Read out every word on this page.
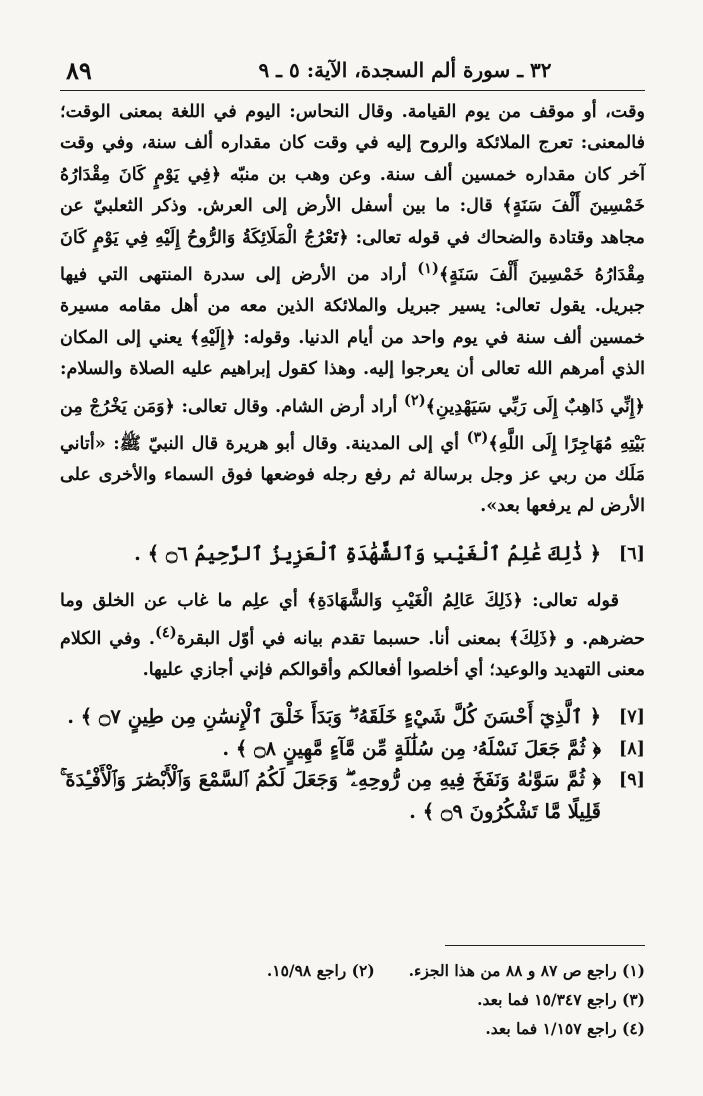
٨٩	٣٢ ـ سورة ألم السجدة، الآية: ٥ ـ ٩

وقت، أو موقف من يوم القيامة. وقال النحاس: اليوم في اللغة بمعنى الوقت؛ فالمعنى: تعرج الملائكة والروح إليه في وقت كان مقداره ألف سنة، وفي وقت آخر كان مقداره خمسين ألف سنة. وعن وهب بن منبّه ﴿فِي يَوْمٍ كَانَ مِقْدَارُهُ خَمْسِينَ أَلْفَ سَنَةٍ﴾ قال: ما بين أسفل الأرض إلى العرش. وذكر الثعلبيّ عن مجاهد وقتادة والضحاك في قوله تعالى: ﴿تَعْرُجُ الْمَلَائِكَةُ وَالرُّوحُ إِلَيْهِ فِي يَوْمٍ كَانَ مِقْدَارُهُ خَمْسِينَ أَلْفَ سَنَةٍ﴾$^{(١)}$ أراد من الأرض إلى سدرة المنتهى التي فيها جبريل. يقول تعالى: يسير جبريل والملائكة الذين معه من أهل مقامه مسيرة خمسين ألف سنة في يوم واحد من أيام الدنيا. وقوله: ﴿إِلَيْهِ﴾ يعني إلى المكان الذي أمرهم الله تعالى أن يعرجوا إليه. وهذا كقول إبراهيم عليه الصلاة والسلام: ﴿إِنِّي ذَاهِبٌ إِلَى رَبِّي سَيَهْدِينِ﴾$^{(٢)}$ أراد أرض الشام. وقال تعالى: ﴿وَمَن يَخْرُجْ مِن بَيْتِهِ مُهَاجِرًا إِلَى اللَّهِ﴾$^{(٣)}$ أي إلى المدينة. وقال أبو هريرة قال النبيّ ﷺ: «أتاني مَلَك من ربي عز وجل برسالة ثم رفع رجله فوضعها فوق السماء والأخرى على الأرض لم يرفعها بعد».

[٦]
﴿ ذَٰلِكَ عَٰلِمُ ٱلْغَيْبِ وَٱلشَّهَٰدَةِ ٱلْعَزِيزُ ٱلرَّحِيمُ ۝٦ ﴾ .

قوله تعالى: ﴿ذَلِكَ عَالِمُ الْغَيْبِ وَالشَّهَادَةِ﴾ أي علِم ما غاب عن الخلق وما حضرهم. و ﴿ذَلِكَ﴾ بمعنى أنا. حسبما تقدم بيانه في أوّل البقرة$^{(٤)}$. وفي الكلام معنى التهديد والوعيد؛ أي أخلصوا أفعالكم وأقوالكم فإني أجازي عليها.

[٧]
﴿ ٱلَّذِيٓ أَحْسَنَ كُلَّ شَيْءٍ خَلَقَهُۥ ۖ وَبَدَأَ خَلْقَ ٱلْإِنسَٰنِ مِن طِينٍ ۝٧ ﴾ .

[٨]
﴿ ثُمَّ جَعَلَ نَسْلَهُۥ مِن سُلَٰلَةٍ مِّن مَّآءٍ مَّهِينٍ ۝٨ ﴾ .

[٩]
﴿ ثُمَّ سَوَّىٰهُ وَنَفَخَ فِيهِ مِن رُّوحِهِۦ ۖ وَجَعَلَ لَكُمُ ٱلسَّمْعَ وَٱلْأَبْصَٰرَ وَٱلْأَفْـِٔدَةَ ۚ قَلِيلًا مَّا تَشْكُرُونَ ۝٩ ﴾ .

(١) راجع ص ٨٧ و ٨٨ من هذا الجزء.(٢) راجع ١٥/٩٨.

(٣) راجع ١٥/٣٤٧ فما بعد.

(٤) راجع ١/١٥٧ فما بعد.
